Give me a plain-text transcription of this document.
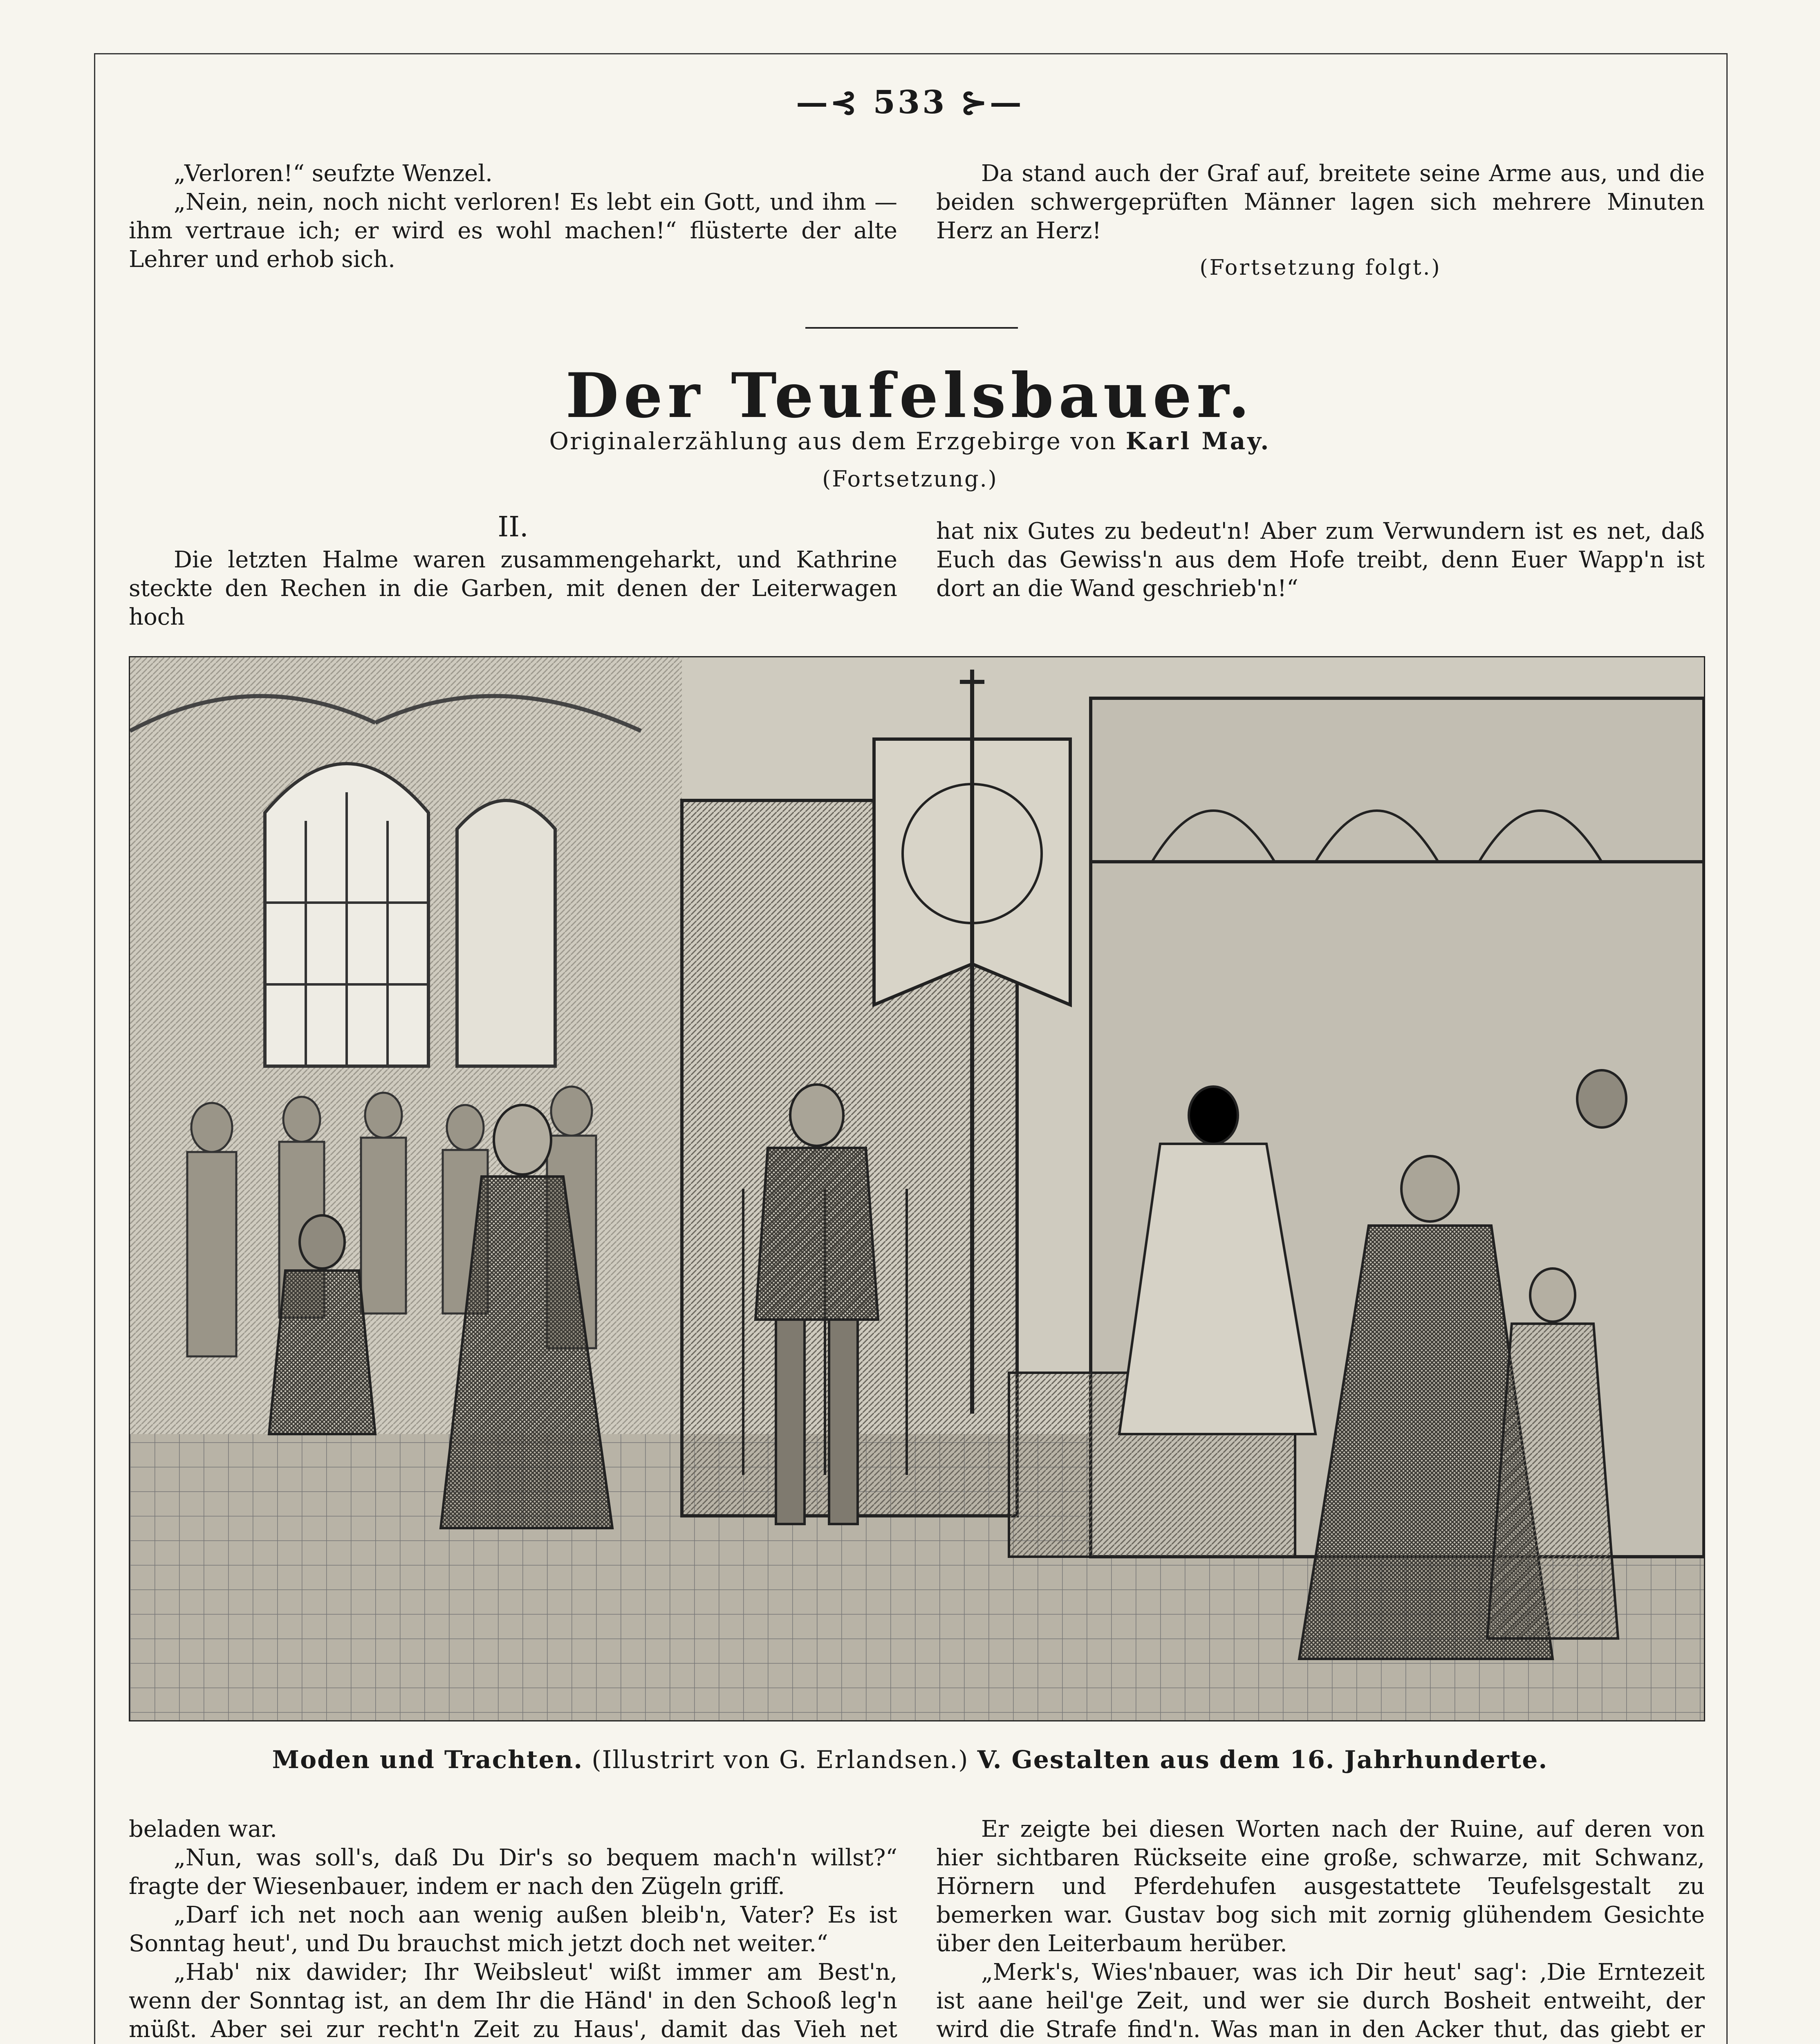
—⊰ 533 ⊱—

„Verloren!“ seufzte Wenzel.

„Nein, nein, noch nicht verloren! Es lebt ein Gott, und ihm — ihm vertraue ich; er wird es wohl machen!“ flüsterte der alte Lehrer und erhob sich.

Da stand auch der Graf auf, breitete seine Arme aus, und die beiden schwergeprüften Männer lagen sich mehrere Minuten Herz an Herz!

(Fortsetzung folgt.)
Der Teufelsbauer.
Originalerzählung aus dem Erzgebirge von Karl May.
(Fortsetzung.)
II.

Die letzten Halme waren zusammengeharkt, und Kathrine steckte den Rechen in die Garben, mit denen der Leiterwagen hoch

hat nix Gutes zu bedeut'n! Aber zum Verwundern ist es net, daß Euch das Gewiss'n aus dem Hofe treibt, denn Euer Wapp'n ist dort an die Wand geschrieb'n!“

Moden und Trachten. (Illustrirt von G. Erlandsen.) V. Gestalten aus dem 16. Jahrhunderte.

beladen war.

„Nun, was soll's, daß Du Dir's so bequem mach'n willst?“ fragte der Wiesenbauer, indem er nach den Zügeln griff.

„Darf ich net noch aan wenig außen bleib'n, Vater? Es ist Sonntag heut', und Du brauchst mich jetzt doch net weiter.“

„Hab' nix dawider; Ihr Weibsleut' wißt immer am Best'n, wenn der Sonntag ist, an dem Ihr die Händ' in den Schooß leg'n müßt. Aber sei zur recht'n Zeit zu Haus', damit das Vieh net

Er zeigte bei diesen Worten nach der Ruine, auf deren von hier sichtbaren Rückseite eine große, schwarze, mit Schwanz, Hörnern und Pferdehufen ausgestattete Teufelsgestalt zu bemerken war. Gustav bog sich mit zornig glühendem Gesichte über den Leiterbaum herüber.

„Merk's, Wies'nbauer, was ich Dir heut' sag': ‚Die Erntezeit ist aane heil'ge Zeit, und wer sie durch Bosheit entweiht, der wird die Strafe find'n. Was man in den Acker thut, das giebt er
